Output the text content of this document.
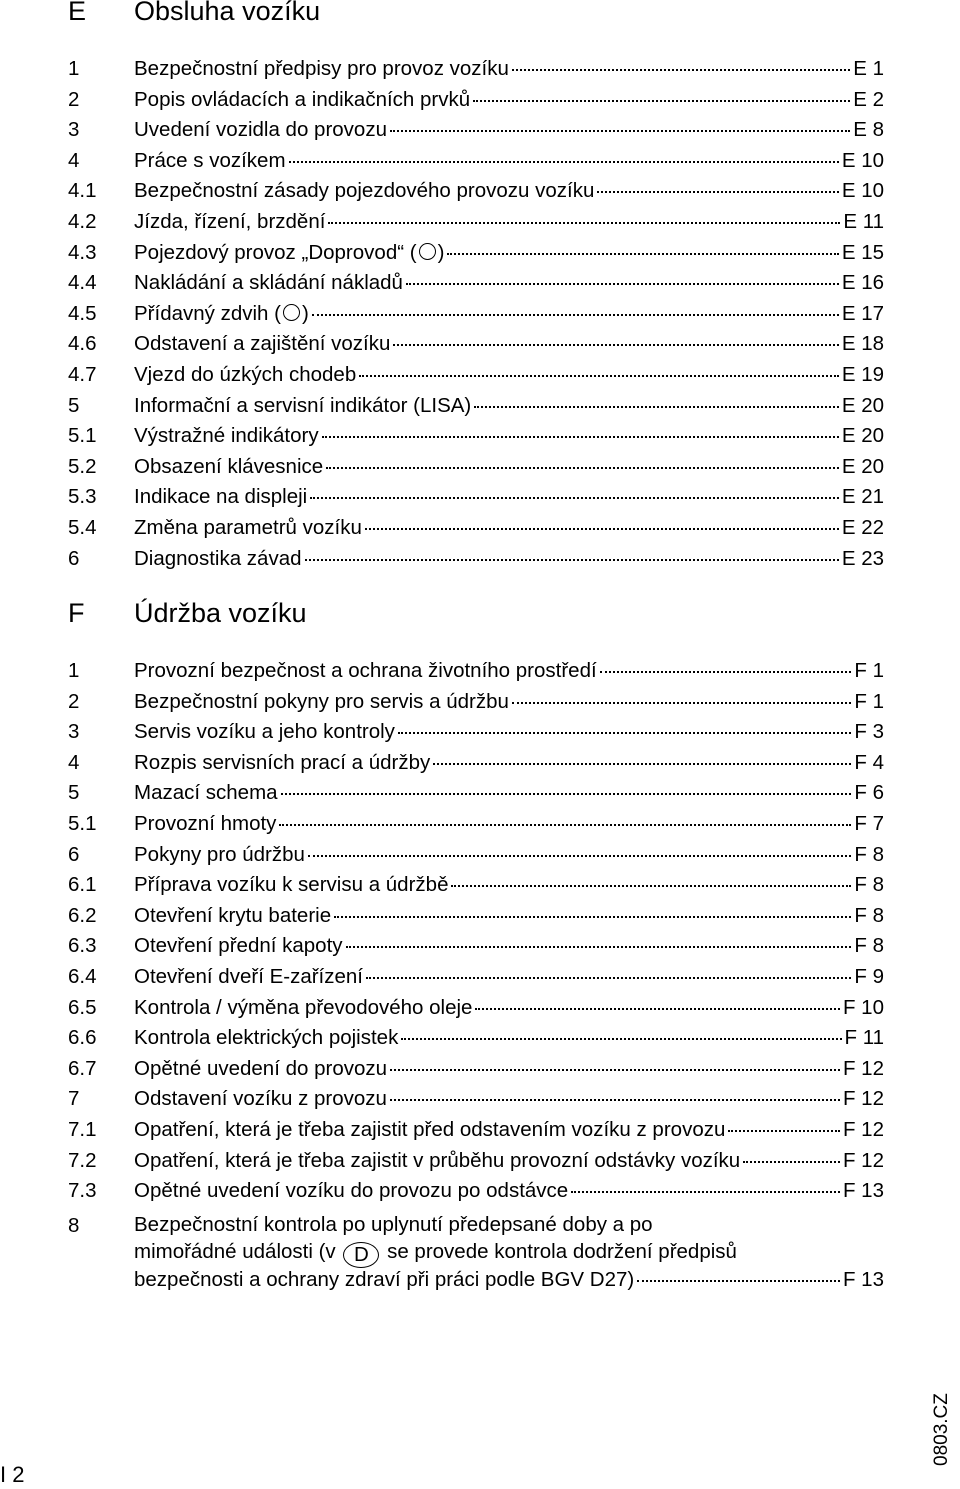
E Obsluha vozíku
1	Bezpečnostní předpisy pro provoz vozíku	E 1
2	Popis ovládacích a indikačních prvků	E 2
3	Uvedení vozidla do provozu	E 8
4	Práce s vozíkem	E 10
4.1 Bezpečnostní zásady pojezdového provozu vozíku	E 10
4.2 Jízda, řízení, brzdění	E 11
4.3 Pojezdový provoz „Doprovod“ ( )	E 15
4.4 Nakládání a skládání nákladů	E 16
4.5 Přídavný zdvih ( )	E 17
4.6 Odstavení a zajištění vozíku	E 18
4.7 Vjezd do úzkých chodeb	E 19
5	Informační a servisní indikátor (LISA)	E 20
5.1 Výstražné indikátory	E 20
5.2 Obsazení klávesnice	E 20
5.3 Indikace na displeji	E 21
5.4 Změna parametrů vozíku	E 22
6	Diagnostika závad	E 23
F Údržba vozíku
1	Provozní bezpečnost a ochrana životního prostředí	F 1
2	Bezpečnostní pokyny pro servis a údržbu	F 1
3	Servis vozíku a jeho kontroly	F 3
4	Rozpis servisních prací a údržby	F 4
5	Mazací schema	F 6
5.1 Provozní hmoty	F 7
6	Pokyny pro údržbu	F 8
6.1 Příprava vozíku k servisu a údržbě	F 8
6.2 Otevření krytu baterie	F 8
6.3 Otevření přední kapoty	F 8
6.4 Otevření dveří E-zařízení	F 9
6.5 Kontrola / výměna převodového oleje	F 10
6.6 Kontrola elektrických pojistek	F 11
6.7 Opětné uvedení do provozu	F 12
7	Odstavení vozíku z provozu	F 12
7.1 Opatření, která je třeba zajistit před odstavením vozíku z provozu	F 12
7.2 Opatření, která je třeba zajistit v průběhu provozní odstávky vozíku	F 12
7.3 Opětné uvedení vozíku do provozu po odstávce	F 13
8	Bezpečnostní kontrola po uplynutí předepsané doby a po
mimořádné události (v D se provede kontrola dodržení předpisů
bezpečnosti a ochrany zdraví při práci podle BGV D27)	F 13
0803.CZ
I 2
